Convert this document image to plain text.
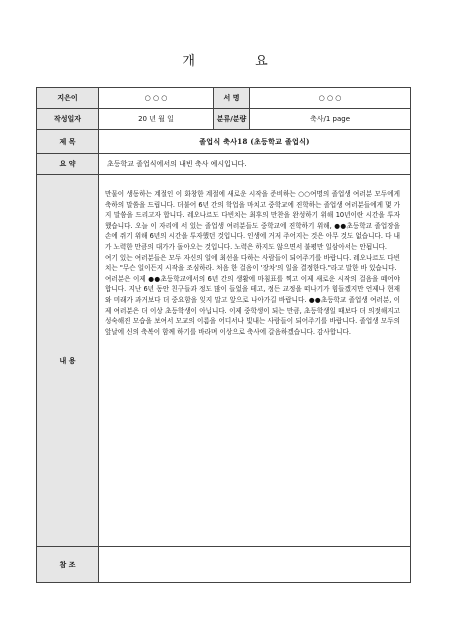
개 요
지은이	○ ○ ○	서 명	○ ○ ○
작성일자	20 년 월 일	분류/분량	축사/1 page
제 목	졸업식 축사18 (초등학교 졸업식)		
요 약	초등학교 졸업식에서의 내빈 축사 예시입니다.		
내 용	만물이 생동하는 계절인 이 화창한 계절에 새로운 시작을 준비하는 ○○여명의 졸업생 여러분 모두에게 축하의 말씀을 드립니다. 더불어 6년 간의 학업을 마치고 중학교에 진학하는 졸업생 여러분들에게 몇 가지 말씀을 드리고자 합니다. 레오나르도 다빈치는 최후의 만찬을 완성하기 위해 10년이란 시간을 투자했습니다. 오늘 이 자리에 서 있는 졸업생 여러분들도 중학교에 진학하기 위해, ●●초등학교 졸업장을 손에 쥐기 위해 6년의 시간을 투자했던 것입니다. 인생에 거저 주어지는 것은 아무 것도 없습니다. 다 내가 노력한 만큼의 대가가 돌아오는 것입니다. 노력은 하지도 않으면서 불평만 일삼아서는 안됩니다.

여기 있는 여러분들은 모두 자신의 일에 최선을 다하는 사람들이 되어주기를 바랍니다. 레오나르도 다빈치는 "무슨 일이든지 시작을 조심하라. 처음 한 걸음이 '장차'의 일을 결정한다."라고 말한 바 있습니다.

여러분은 이제 ●●초등학교에서의 6년 간의 생활에 마침표를 찍고 이제 새로운 시작의 걸음을 떼어야 합니다. 지난 6년 동안 친구들과 정도 많이 들었을 테고, 정든 교정을 떠나기가 힘들겠지만 언제나 현재와 미래가 과거보다 더 중요함을 잊지 말고 앞으로 나아가길 바랍니다. ●●초등학교 졸업생 여러분, 이제 여러분은 더 이상 초등학생이 아닙니다. 이제 중학생이 되는 만큼, 초등학생일 때보다 더 의젓해지고 성숙해진 모습을 보여서 모교의 이름을 어디서나 빛내는 사람들이 되어주기를 바랍니다. 졸업생 모두의 앞날에 신의 축복이 함께 하기를 바라며 이상으로 축사에 갈음하겠습니다. 감사합니다.		

참 조			
